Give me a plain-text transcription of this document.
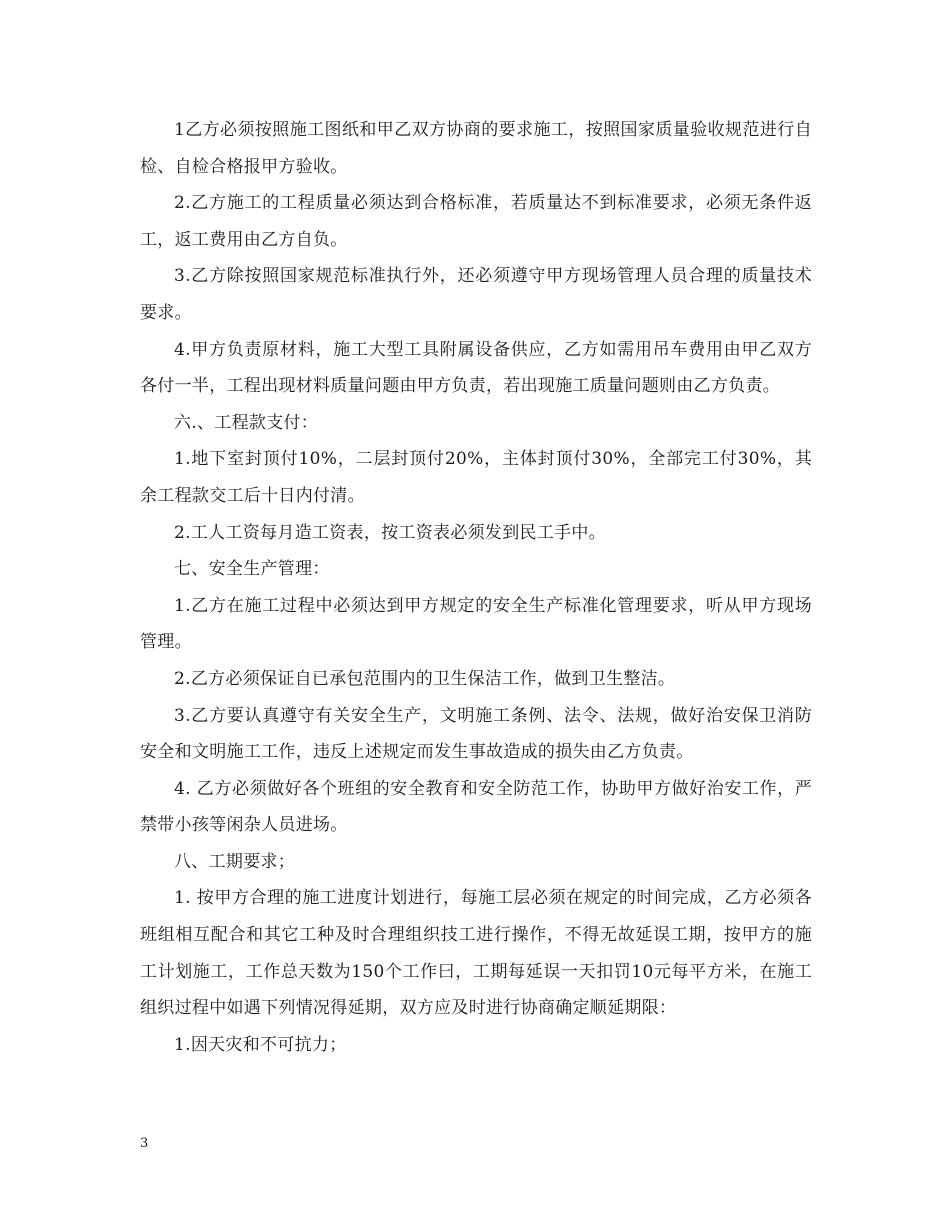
1乙方必须按照施工图纸和甲乙双方协商的要求施工，按照国家质量验收规范进行自检、自检合格报甲方验收。

2.乙方施工的工程质量必须达到合格标准，若质量达不到标准要求，必须无条件返工，返工费用由乙方自负。

3.乙方除按照国家规范标准执行外，还必须遵守甲方现场管理人员合理的质量技术要求。

4.甲方负责原材料，施工大型工具附属设备供应，乙方如需用吊车费用由甲乙双方各付一半，工程出现材料质量问题由甲方负责，若出现施工质量问题则由乙方负责。

六.、工程款支付：

1.地下室封顶付10%，二层封顶付20%，主体封顶付30%，全部完工付30%，其余工程款交工后十日内付清。

2.工人工资每月造工资表，按工资表必须发到民工手中。

七、安全生产管理：

1.乙方在施工过程中必须达到甲方规定的安全生产标准化管理要求，听从甲方现场管理。

2.乙方必须保证自已承包范围内的卫生保洁工作，做到卫生整洁。

3.乙方要认真遵守有关安全生产，文明施工条例、法令、法规，做好治安保卫消防安全和文明施工工作，违反上述规定而发生事故造成的损失由乙方负责。

4. 乙方必须做好各个班组的安全教育和安全防范工作，协助甲方做好治安工作，严禁带小孩等闲杂人员进场。

八、工期要求；

1. 按甲方合理的施工进度计划进行，每施工层必须在规定的时间完成，乙方必须各班组相互配合和其它工种及时合理组织技工进行操作，不得无故延误工期，按甲方的施工计划施工，工作总天数为150个工作曰，工期每延误一天扣罚10元每平方米，在施工组织过程中如遇下列情况得延期，双方应及时进行协商确定顺延期限：

1.因天灾和不可抗力；

3
